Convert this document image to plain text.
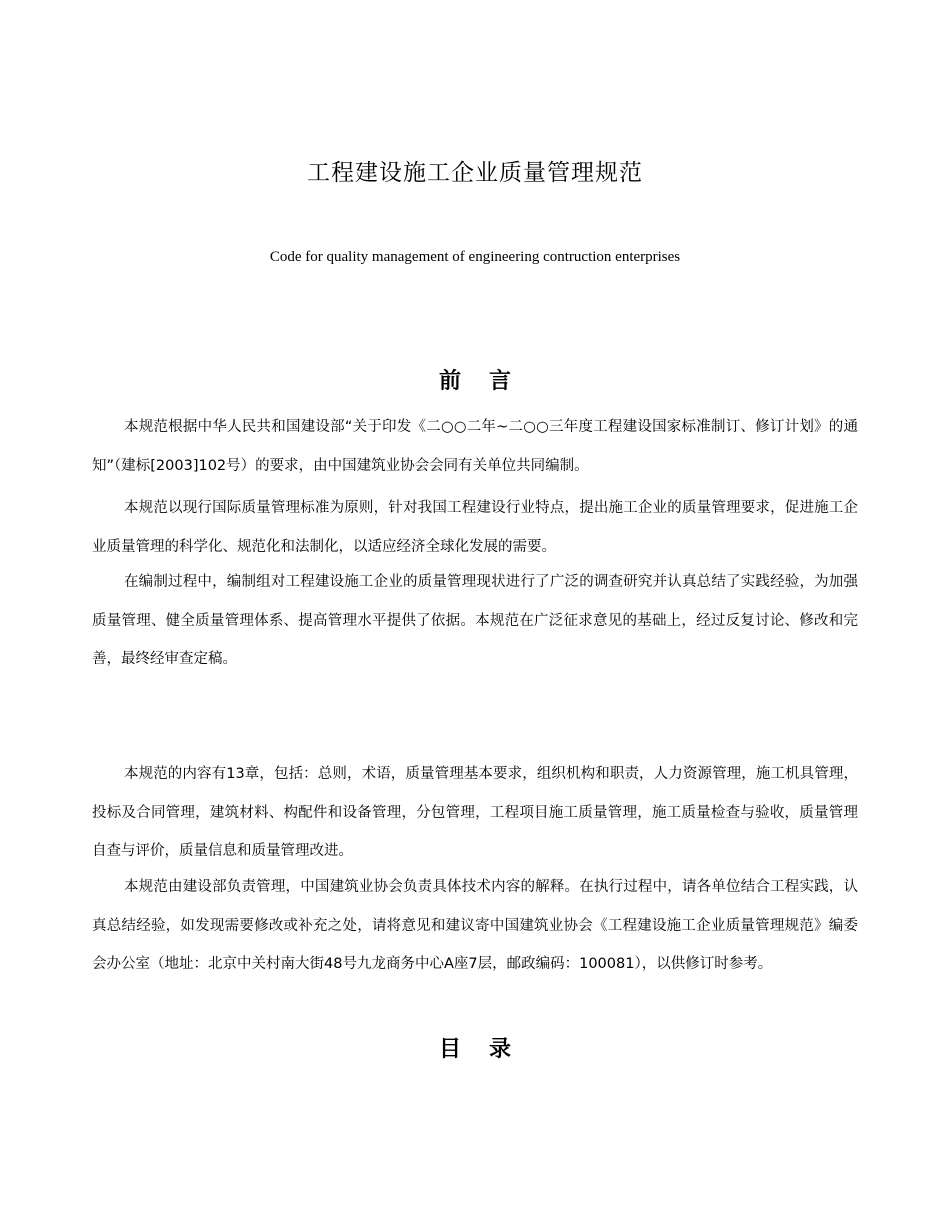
工程建设施工企业质量管理规范
Code for quality management of engineering contruction enterprises
前 言
本规范根据中华人民共和国建设部“关于印发《二○○二年~二○○三年度工程建设国家标准制订、修订计划》的通知”（建标[2003]102号）的要求，由中国建筑业协会会同有关单位共同编制。
本规范以现行国际质量管理标准为原则，针对我国工程建设行业特点，提出施工企业的质量管理要求，促进施工企业质量管理的科学化、规范化和法制化，以适应经济全球化发展的需要。
在编制过程中，编制组对工程建设施工企业的质量管理现状进行了广泛的调查研究并认真总结了实践经验，为加强质量管理、健全质量管理体系、提高管理水平提供了依据。本规范在广泛征求意见的基础上，经过反复讨论、修改和完善，最终经审查定稿。
本规范的内容有13章，包括：总则，术语，质量管理基本要求，组织机构和职责，人力资源管理，施工机具管理，投标及合同管理，建筑材料、构配件和设备管理，分包管理，工程项目施工质量管理，施工质量检查与验收，质量管理自查与评价，质量信息和质量管理改进。
本规范由建设部负责管理，中国建筑业协会负责具体技术内容的解释。在执行过程中，请各单位结合工程实践，认真总结经验，如发现需要修改或补充之处，请将意见和建议寄中国建筑业协会《工程建设施工企业质量管理规范》编委会办公室（地址：北京中关村南大街48号九龙商务中心A座7层，邮政编码：100081），以供修订时参考。
目 录
